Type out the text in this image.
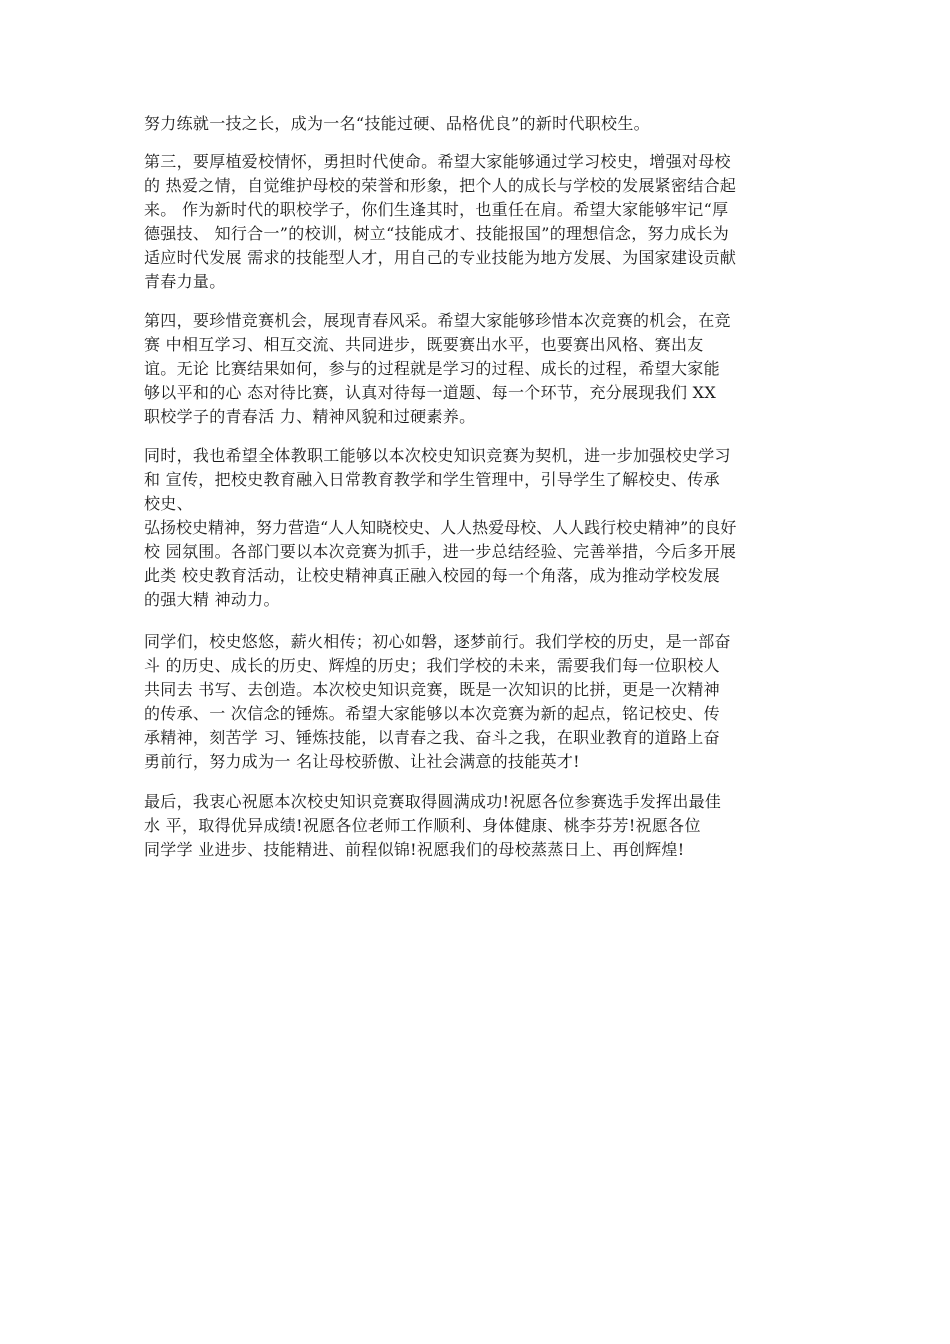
努力练就一技之长，成为一名“技能过硬、品格优良”的新时代职校生。
第三，要厚植爱校情怀，勇担时代使命。希望大家能够通过学习校史，增强对母校
的 热爱之情，自觉维护母校的荣誉和形象，把个人的成长与学校的发展紧密结合起
来。 作为新时代的职校学子，你们生逢其时，也重任在肩。希望大家能够牢记“厚
德强技、 知行合一”的校训，树立“技能成才、技能报国”的理想信念，努力成长为
适应时代发展 需求的技能型人才，用自己的专业技能为地方发展、为国家建设贡献
青春力量。
第四，要珍惜竞赛机会，展现青春风采。希望大家能够珍惜本次竞赛的机会，在竞
赛 中相互学习、相互交流、共同进步，既要赛出水平，也要赛出风格、赛出友
谊。无论 比赛结果如何，参与的过程就是学习的过程、成长的过程，希望大家能
够以平和的心 态对待比赛，认真对待每一道题、每一个环节，充分展现我们 XX
职校学子的青春活 力、精神风貌和过硬素养。
同时，我也希望全体教职工能够以本次校史知识竞赛为契机，进一步加强校史学习
和 宣传，把校史教育融入日常教育教学和学生管理中，引导学生了解校史、传承
校史、
弘扬校史精神，努力营造“人人知晓校史、人人热爱母校、人人践行校史精神”的良好
校 园氛围。各部门要以本次竞赛为抓手，进一步总结经验、完善举措，今后多开展
此类 校史教育活动，让校史精神真正融入校园的每一个角落，成为推动学校发展
的强大精 神动力。
同学们，校史悠悠，薪火相传；初心如磐，逐梦前行。我们学校的历史，是一部奋
斗 的历史、成长的历史、辉煌的历史；我们学校的未来，需要我们每一位职校人
共同去 书写、去创造。本次校史知识竞赛，既是一次知识的比拼，更是一次精神
的传承、一 次信念的锤炼。希望大家能够以本次竞赛为新的起点，铭记校史、传
承精神，刻苦学 习、锤炼技能，以青春之我、奋斗之我，在职业教育的道路上奋
勇前行，努力成为一 名让母校骄傲、让社会满意的技能英才!
最后，我衷心祝愿本次校史知识竞赛取得圆满成功!祝愿各位参赛选手发挥出最佳
水 平，取得优异成绩!祝愿各位老师工作顺利、身体健康、桃李芬芳!祝愿各位
同学学 业进步、技能精进、前程似锦!祝愿我们的母校蒸蒸日上、再创辉煌!
